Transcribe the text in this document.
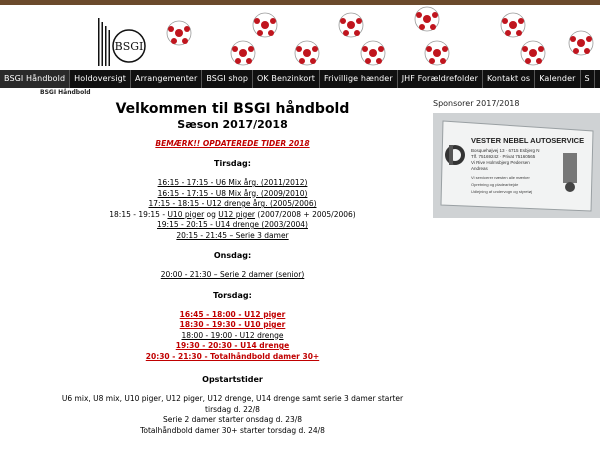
BSGI
BSGI Håndbold	Holdoversigt	Arrangementer	BSGI shop	OK Benzinkort	Frivillige hænder	JHF Forældrefolder	Kontakt os	Kalender	S
BSGI Håndbold
Velkommen til BSGI håndbold
Sæson 2017/2018
BEMÆRK!! OPDATEREDE TIDER 2018
Tirsdag:
16:15 - 17:15 - U6 Mix årg. (2011/2012)
16:15 - 17:15 - U8 Mix årg. (2009/2010)
17:15 - 18:15 - U12 drenge årg. (2005/2006)
18:15 - 19:15 - U10 piger og U12 piger (2007/2008 + 2005/2006)
19:15 - 20:15 - U14 drenge (2003/2004)
20:15 - 21:45 – Serie 3 damer
Onsdag:
20:00 - 21:30 – Serie 2 damer (senior)
Torsdag:
16:45 - 18:00 - U12 piger
18:30 - 19:30 - U10 piger
18:00 - 19:00 - U12 drenge
19:30 - 20:30 - U14 drenge
20:30 - 21:30 - Totalhåndbold damer 30+
Opstartstider
U6 mix, U8 mix, U10 piger, U12 piger, U12 drenge, U14 drenge samt serie 3 damer starter
tirsdag d. 22/8
Serie 2 damer starter onsdag d. 23/8
Totalhåndbold damer 30+ starter torsdag d. 24/8
Sponsorer 2017/2018
VESTER NEBEL AUTOSERVICE
Bosquehøjvej 13 · 6715 Esbjerg N
Tlf. 75169242 · Privat 75160565
Vi Rive Holmsbjerg Pedersen
Andreas
Vi servicerer næsten alle mærker
Opretning og pladearbejde
Udlejning af undervogn og styretøj
